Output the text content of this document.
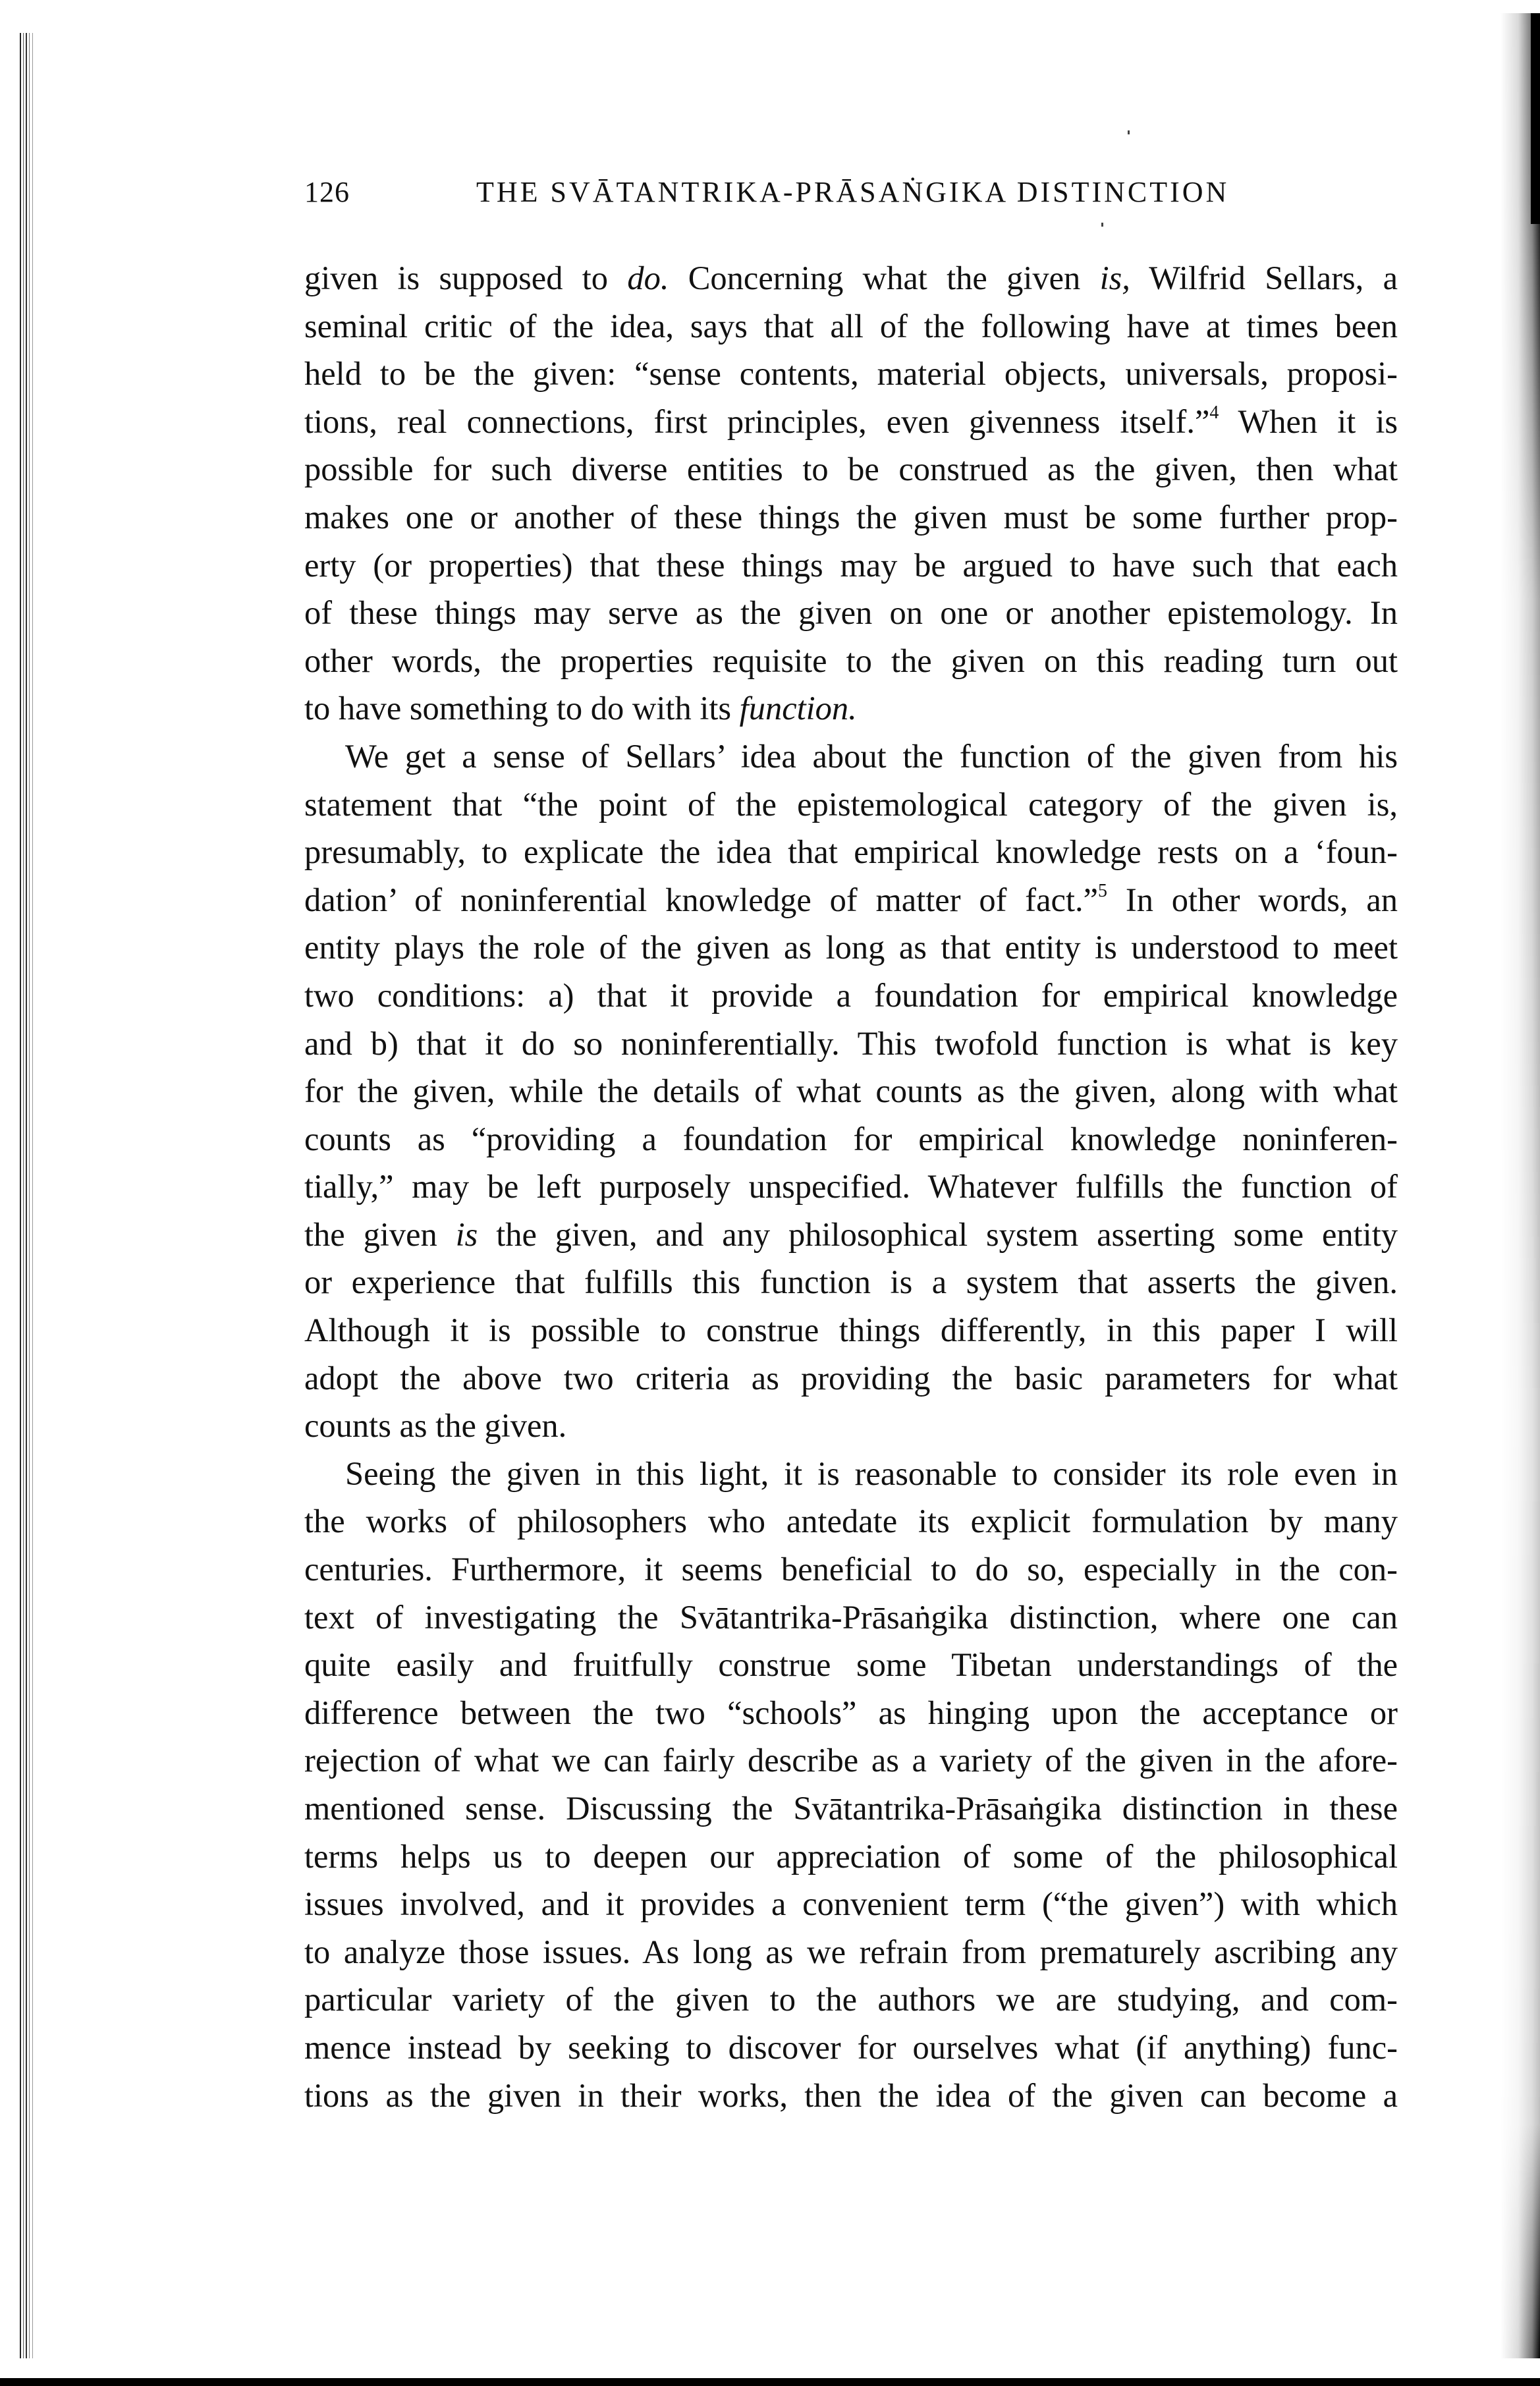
126	THE SVĀTANTRIKA-PRĀSAṄGIKA DISTINCTION

given is supposed to do. Concerning what the given is, Wilfrid Sellars, a
seminal critic of the idea, says that all of the following have at times been
held to be the given: “sense contents, material objects, universals, proposi-
tions, real connections, first principles, even givenness itself.”$^4$ When it is
possible for such diverse entities to be construed as the given, then what
makes one or another of these things the given must be some further prop-
erty (or properties) that these things may be argued to have such that each
of these things may serve as the given on one or another epistemology. In
other words, the properties requisite to the given on this reading turn out
to have something to do with its function.

We get a sense of Sellars’ idea about the function of the given from his
statement that “the point of the epistemological category of the given is,
presumably, to explicate the idea that empirical knowledge rests on a ‘foun-
dation’ of noninferential knowledge of matter of fact.”$^5$ In other words, an
entity plays the role of the given as long as that entity is understood to meet
two conditions: a) that it provide a foundation for empirical knowledge
and b) that it do so noninferentially. This twofold function is what is key
for the given, while the details of what counts as the given, along with what
counts as “providing a foundation for empirical knowledge noninferen-
tially,” may be left purposely unspecified. Whatever fulfills the function of
the given is the given, and any philosophical system asserting some entity
or experience that fulfills this function is a system that asserts the given.
Although it is possible to construe things differently, in this paper I will
adopt the above two criteria as providing the basic parameters for what
counts as the given.

Seeing the given in this light, it is reasonable to consider its role even in
the works of philosophers who antedate its explicit formulation by many
centuries. Furthermore, it seems beneficial to do so, especially in the con-
text of investigating the Svātantrika-Prāsaṅgika distinction, where one can
quite easily and fruitfully construe some Tibetan understandings of the
difference between the two “schools” as hinging upon the acceptance or
rejection of what we can fairly describe as a variety of the given in the afore-
mentioned sense. Discussing the Svātantrika-Prāsaṅgika distinction in these
terms helps us to deepen our appreciation of some of the philosophical
issues involved, and it provides a convenient term (“the given”) with which
to analyze those issues. As long as we refrain from prematurely ascribing any
particular variety of the given to the authors we are studying, and com-
mence instead by seeking to discover for ourselves what (if anything) func-
tions as the given in their works, then the idea of the given can become a
